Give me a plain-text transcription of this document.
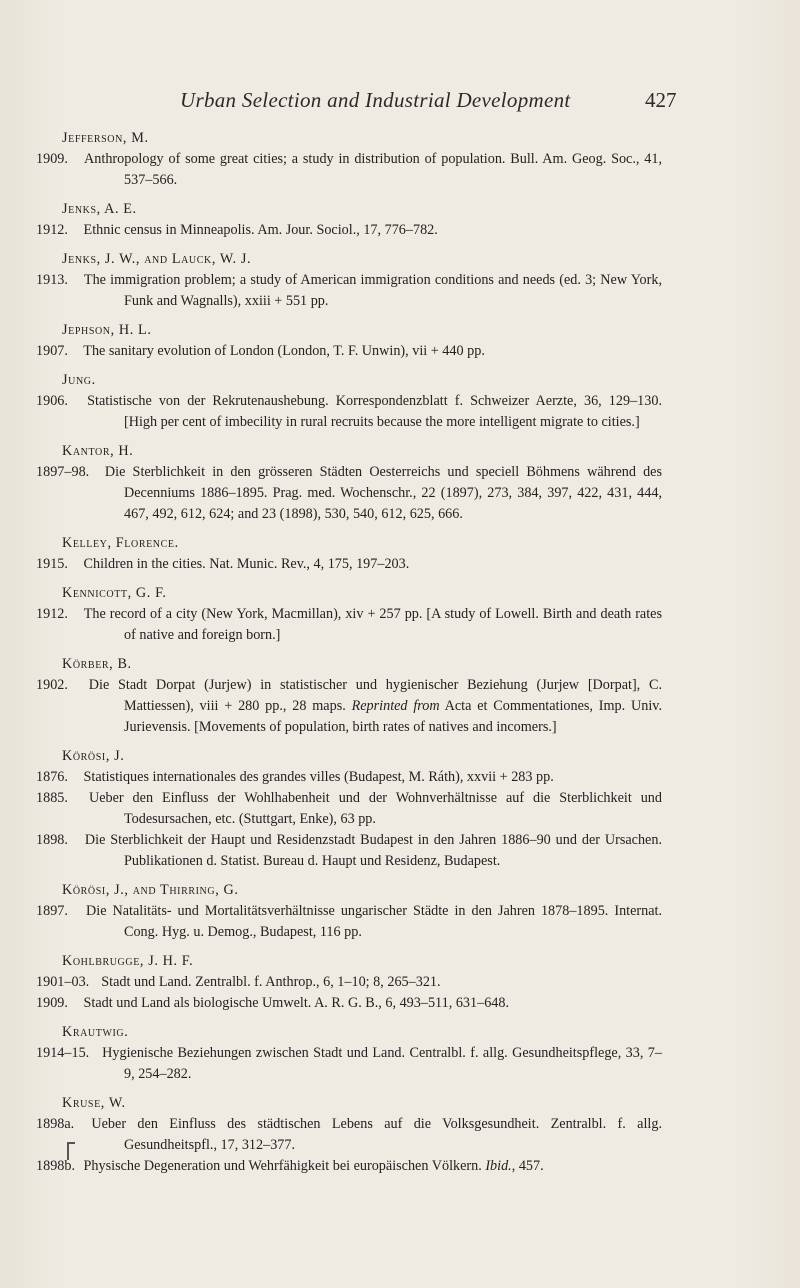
Urban Selection and Industrial Development	427
Jefferson, M.
1909. Anthropology of some great cities; a study in distribution of population. Bull. Am. Geog. Soc., 41, 537–566.
Jenks, A. E.
1912. Ethnic census in Minneapolis. Am. Jour. Sociol., 17, 776–782.
Jenks, J. W., and Lauck, W. J.
1913. The immigration problem; a study of American immigration conditions and needs (ed. 3; New York, Funk and Wagnalls), xxiii + 551 pp.
Jephson, H. L.
1907. The sanitary evolution of London (London, T. F. Unwin), vii + 440 pp.
Jung.
1906. Statistische von der Rekrutenaushebung. Korrespondenzblatt f. Schweizer Aerzte, 36, 129–130. [High per cent of imbecility in rural recruits because the more intelligent migrate to cities.]
Kantor, H.
1897–98. Die Sterblichkeit in den grösseren Städten Oesterreichs und speciell Böhmens während des Decenniums 1886–1895. Prag. med. Wochenschr., 22 (1897), 273, 384, 397, 422, 431, 444, 467, 492, 612, 624; and 23 (1898), 530, 540, 612, 625, 666.
Kelley, Florence.
1915. Children in the cities. Nat. Munic. Rev., 4, 175, 197–203.
Kennicott, G. F.
1912. The record of a city (New York, Macmillan), xiv + 257 pp. [A study of Lowell. Birth and death rates of native and foreign born.]
Körber, B.
1902. Die Stadt Dorpat (Jurjew) in statistischer und hygienischer Beziehung (Jurjew [Dorpat], C. Mattiessen), viii + 280 pp., 28 maps. Reprinted from Acta et Commentationes, Imp. Univ. Jurievensis. [Movements of population, birth rates of natives and incomers.]
Körösi, J.
1876. Statistiques internationales des grandes villes (Budapest, M. Ráth), xxvii + 283 pp.
1885. Ueber den Einfluss der Wohlhabenheit und der Wohnverhältnisse auf die Sterblichkeit und Todesursachen, etc. (Stuttgart, Enke), 63 pp.
1898. Die Sterblichkeit der Haupt und Residenzstadt Budapest in den Jahren 1886–90 und der Ursachen. Publikationen d. Statist. Bureau d. Haupt und Residenz, Budapest.
Körösi, J., and Thirring, G.
1897. Die Natalitäts- und Mortalitätsverhältnisse ungarischer Städte in den Jahren 1878–1895. Internat. Cong. Hyg. u. Demog., Budapest, 116 pp.
Kohlbrugge, J. H. F.
1901–03. Stadt und Land. Zentralbl. f. Anthrop., 6, 1–10; 8, 265–321.
1909. Stadt und Land als biologische Umwelt. A. R. G. B., 6, 493–511, 631–648.
Krautwig.
1914–15. Hygienische Beziehungen zwischen Stadt und Land. Centralbl. f. allg. Gesundheitspflege, 33, 7–9, 254–282.
Kruse, W.
1898a. Ueber den Einfluss des städtischen Lebens auf die Volksgesundheit. Zentralbl. f. allg. Gesundheitspfl., 17, 312–377.
1898b. Physische Degeneration und Wehrfähigkeit bei europäischen Völkern. Ibid., 457.
